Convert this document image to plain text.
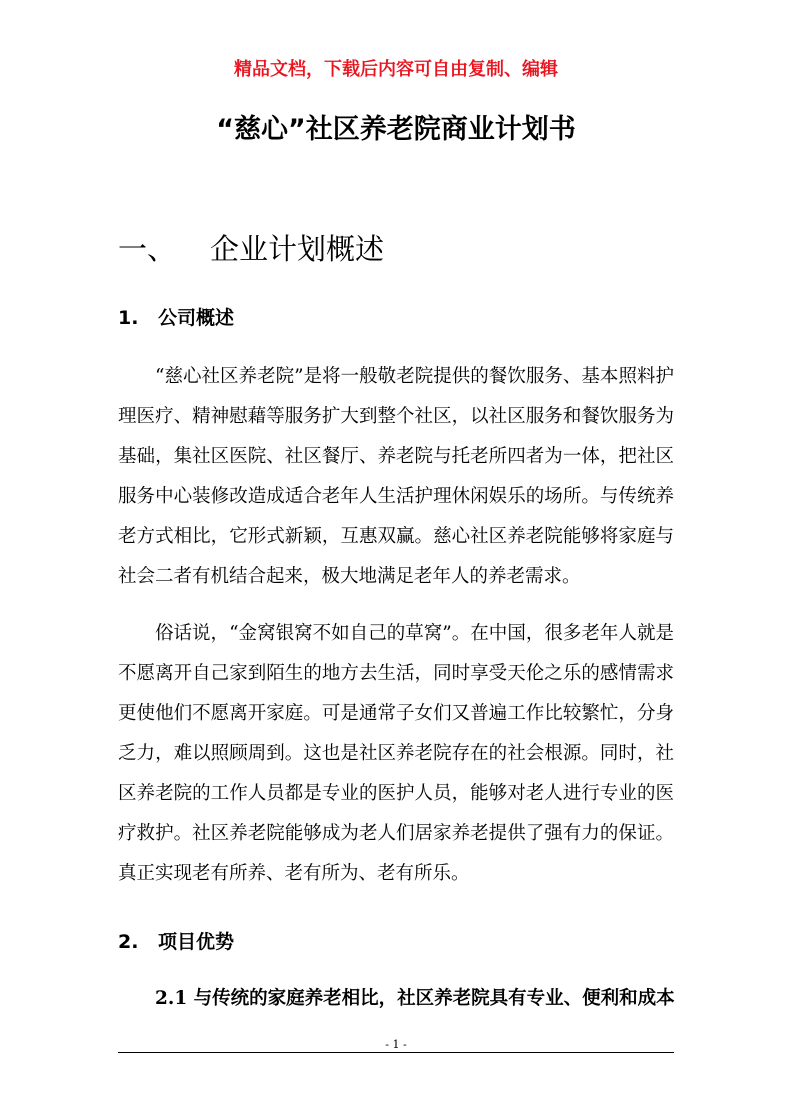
精品文档，下载后内容可自由复制、编辑
“慈心”社区养老院商业计划书
一、 企业计划概述
1. 公司概述

“慈心社区养老院”是将一般敬老院提供的餐饮服务、基本照料护理医疗、精神慰藉等服务扩大到整个社区，以社区服务和餐饮服务为基础，集社区医院、社区餐厅、养老院与托老所四者为一体，把社区服务中心装修改造成适合老年人生活护理休闲娱乐的场所。与传统养老方式相比，它形式新颖，互惠双赢。慈心社区养老院能够将家庭与社会二者有机结合起来，极大地满足老年人的养老需求。

俗话说，“金窝银窝不如自己的草窝”。在中国，很多老年人就是不愿离开自己家到陌生的地方去生活，同时享受天伦之乐的感情需求更使他们不愿离开家庭。可是通常子女们又普遍工作比较繁忙，分身乏力，难以照顾周到。这也是社区养老院存在的社会根源。同时，社区养老院的工作人员都是专业的医护人员，能够对老人进行专业的医疗救护。社区养老院能够成为老人们居家养老提供了强有力的保证。真正实现老有所养、老有所为、老有所乐。

2. 项目优势
2.1 与传统的家庭养老相比，社区养老院具有专业、便利和成本
- 1 -
